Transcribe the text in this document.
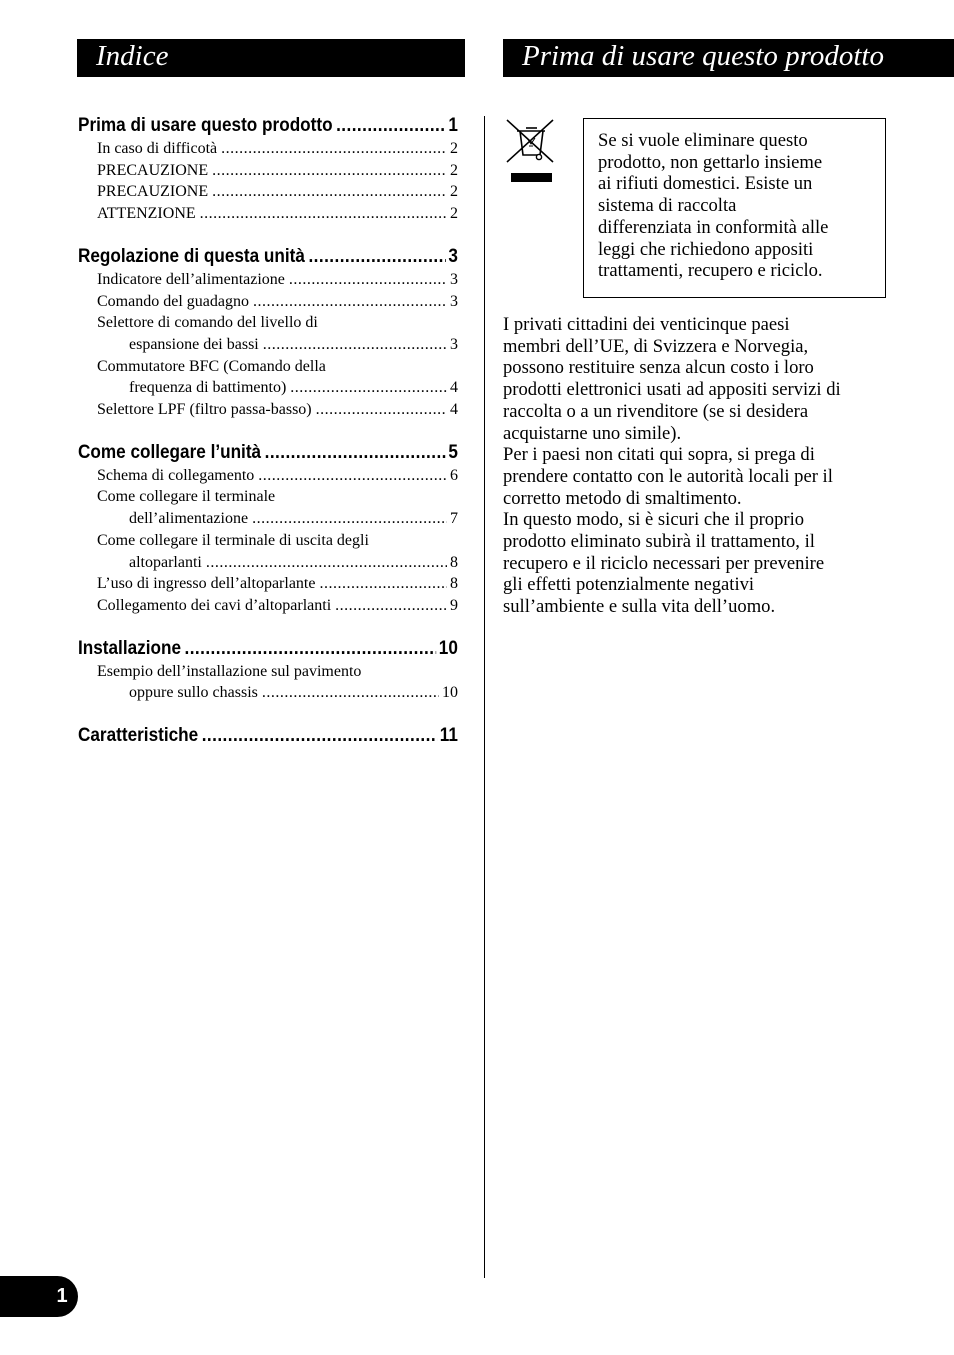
Indice	Prima di usare questo prodotto
Prima di usare questo prodotto .....	1
In caso di difficotà .....	2
PRECAUZIONE .....	2
PRECAUZIONE .....	2
ATTENZIONE .....	2
Regolazione di questa unità .....	3
Indicatore dell’alimentazione .....	3
Comando del guadagno .....	3
Selettore di comando del livello di
espansione dei bassi .....	3
Commutatore BFC (Comando della
frequenza di battimento) .....	4
Selettore LPF (filtro passa-basso) .....	4
Come collegare l’unità .....	5
Schema di collegamento .....	6
Come collegare il terminale
dell’alimentazione .....	7
Come collegare il terminale di uscita degli
altoparlanti .....	8
L’uso di ingresso dell’altoparlante .....	8
Collegamento dei cavi d’altoparlanti .....	9
Installazione .....	10
Esempio dell’installazione sul pavimento
oppure sullo chassis .....	10
Caratteristiche .....	11
Se si vuole eliminare questo
prodotto, non gettarlo insieme
ai rifiuti domestici. Esiste un
sistema di raccolta
differenziata in conformità alle
leggi che richiedono appositi
trattamenti, recupero e riciclo.

I privati cittadini dei venticinque paesi
membri dell’UE, di Svizzera e Norvegia,
possono restituire senza alcun costo i loro
prodotti elettronici usati ad appositi servizi di
raccolta o a un rivenditore (se si desidera
acquistarne uno simile).

Per i paesi non citati qui sopra, si prega di
prendere contatto con le autorità locali per il
corretto metodo di smaltimento.

In questo modo, si è sicuri che il proprio
prodotto eliminato subirà il trattamento, il
recupero e il riciclo necessari per prevenire
gli effetti potenzialmente negativi
sull’ambiente e sulla vita dell’uomo.

1
